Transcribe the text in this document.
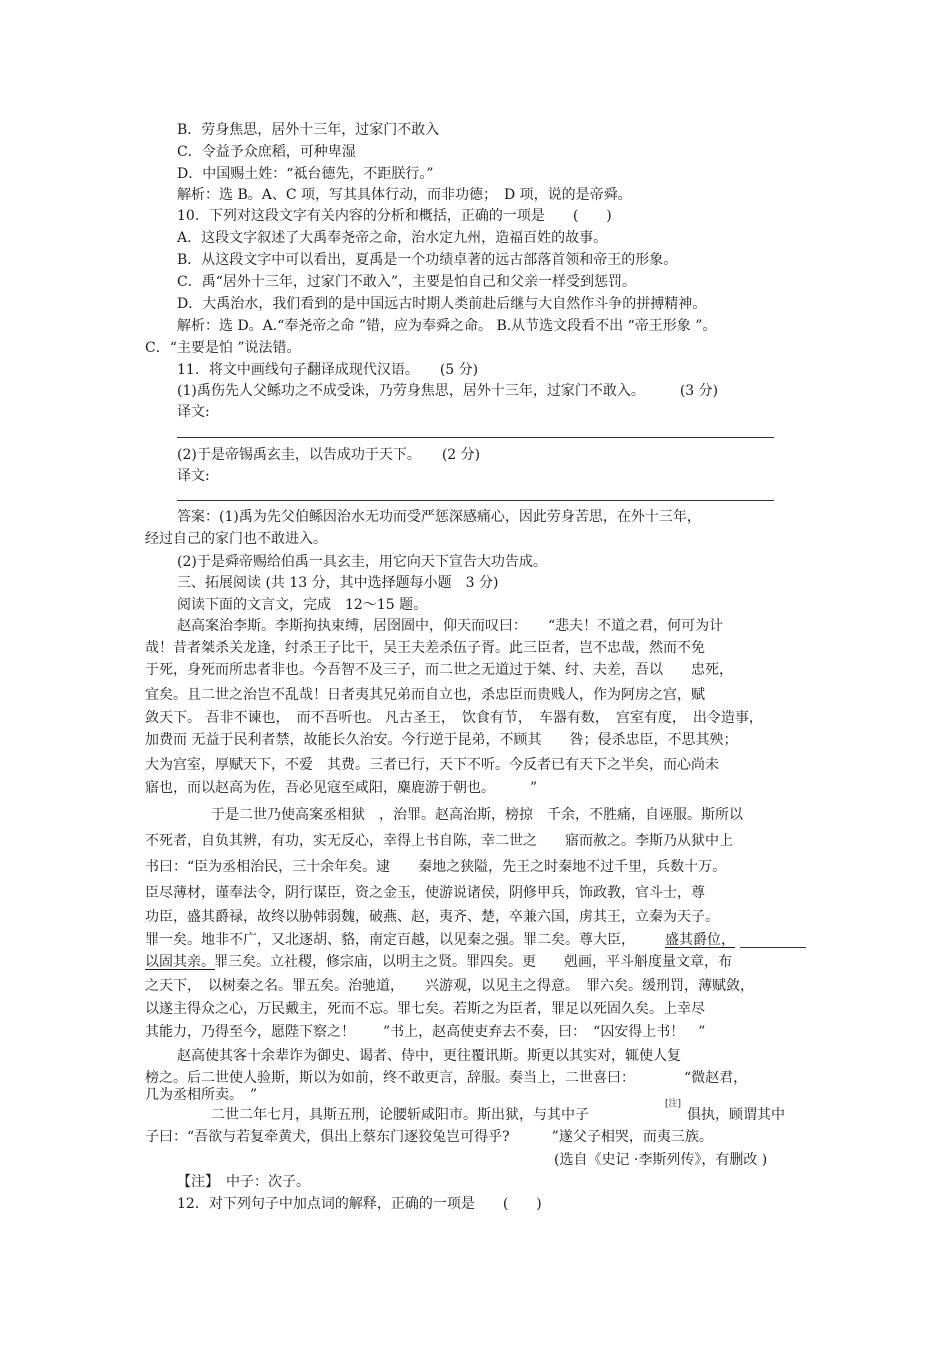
B．劳身焦思，居外十三年，过家门不敢入
C．令益予众庶稻，可种卑湿
D．中国赐土姓：“祗台德先，不距朕行。”
解析：选 B。A、C 项，写其具体行动，而非功德；　D 项，说的是帝舜。
10．下列对这段文字有关内容的分析和概括，正确的一项是　　(　　)
A．这段文字叙述了大禹奉尧帝之命，治水定九州，造福百姓的故事。
B．从这段文字中可以看出，夏禹是一个功绩卓著的远古部落首领和帝王的形象。
C．禹“居外十三年，过家门不敢入”，主要是怕自己和父亲一样受到惩罚。
D．大禹治水，我们看到的是中国远古时期人类前赴后继与大自然作斗争的拼搏精神。
解析：选 D。A.“奉尧帝之命 ”错，应为奉舜之命。 B.从节选文段看不出 “帝王形象 ”。
C．“主要是怕 ”说法错。
11．将文中画线句子翻译成现代汉语。　　(5 分)
(1)禹伤先人父鲧功之不成受诛，乃劳身焦思，居外十三年，过家门不敢入。　　　(3 分)
译文:
(2)于是帝锡禹玄圭，以告成功于天下。　　(2 分)
译文:
答案：(1)禹为先父伯鲧因治水无功而受严惩深感痛心，因此劳身苦思，在外十三年，
经过自己的家门也不敢进入。
(2)于是舜帝赐给伯禹一具玄圭，用它向天下宣告大功告成。
三、拓展阅读 (共 13 分，其中选择题每小题　3 分)
阅读下面的文言文，完成　12～15 题。
赵高案治李斯。李斯拘执束缚，居囹圄中，仰天而叹曰：　　“悲夫！不道之君，何可为计
哉！昔者桀杀关龙逢，纣杀王子比干，吴王夫差杀伍子胥。此三臣者，岂不忠哉，然而不免
于死，身死而所忠者非也。今吾智不及三子，而二世之无道过于桀、纣、夫差，吾以　　忠死，
宜矣。且二世之治岂不乱哉！日者夷其兄弟而自立也，杀忠臣而贵贱人，作为阿房之宫，赋
敛天下。 吾非不谏也，　而不吾听也。 凡古圣王，　饮食有节，　车器有数，　宫室有度，　出令造事，
加费而 无益于民利者禁，故能长久治安。今行逆于昆弟，不顾其　　咎；侵杀忠臣，不思其殃；
大为宫室，厚赋天下，不爱　其费。三者已行，天下不听。今反者已有天下之半矣，而心尚未
寤也，而以赵高为佐，吾必见寇至咸阳，麋鹿游于朝也。　　　”
于是二世乃使高案丞相狱　，治罪。赵高治斯，榜掠　千余，不胜痛，自诬服。斯所以
不死者，自负其辨，有功，实无反心，幸得上书自陈，幸二世之　　寤而赦之。李斯乃从狱中上
书曰：“臣为丞相治民，三十余年矣。逮　　秦地之狭隘，先王之时秦地不过千里，兵数十万。
臣尽薄材，谨奉法令，阴行谋臣，资之金玉，使游说诸侯，阴修甲兵，饰政教，官斗士，尊
功臣，盛其爵禄，故终以胁韩弱魏，破燕、赵，夷齐、楚，卒兼六国，虏其王，立秦为天子。
罪一矣。地非不广，又北逐胡、貉，南定百越，以见秦之强。罪二矣。尊大臣， 盛其爵位，
以固其亲。 罪三矣。立社稷，修宗庙，以明主之贤。罪四矣。更　　剋画，平斗斛度量文章，布
之天下，　以树秦之名。罪五矣。治驰道，　　兴游观，以见主之得意。　罪六矣。缓刑罚，薄赋敛，
以遂主得众之心，万民戴主，死而不忘。罪七矣。若斯之为臣者，罪足以死固久矣。上幸尽
其能力，乃得至今，愿陛下察之！　　”书上，赵高使吏弃去不奏，曰：　“囚安得上书！　”
赵高使其客十余辈诈为御史、谒者、侍中，更往覆讯斯。斯更以其实对，辄使人复
榜之。后二世使人验斯，斯以为如前，终不敢更言，辞服。奏当上，二世喜曰：　　　　“微赵君，
几为丞相所卖。　”
二世二年七月，具斯五刑，论腰斩咸阳市。斯出狱，与其中子
[注]
俱执，顾谓其中
子曰：“吾欲与若复牵黄犬，俱出上蔡东门逐狡兔岂可得乎?　　　”遂父子相哭，而夷三族。
(选自《史记 ·李斯列传》，有删改 )
【注】　中子：次子。
12．对下列句子中加点词的解释，正确的一项是　　(　　)
